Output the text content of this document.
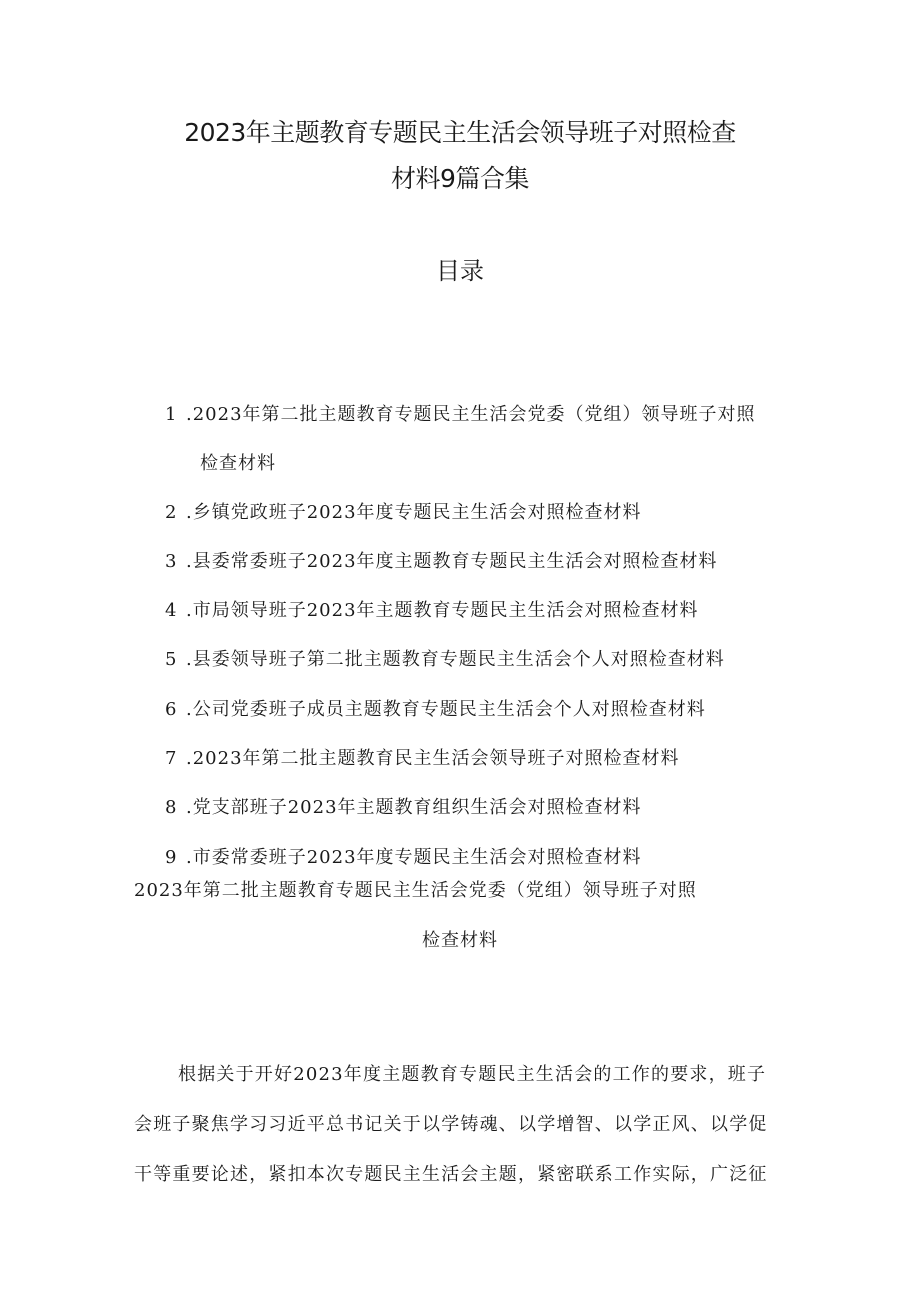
2023年主题教育专题民主生活会领导班子对照检查
材料9篇合集
目录
1 .2023年第二批主题教育专题民主生活会党委（党组）领导班子对照
检查材料
2 .乡镇党政班子2023年度专题民主生活会对照检查材料
3 .县委常委班子2023年度主题教育专题民主生活会对照检查材料
4 .市局领导班子2023年主题教育专题民主生活会对照检查材料
5 .县委领导班子第二批主题教育专题民主生活会个人对照检查材料
6 .公司党委班子成员主题教育专题民主生活会个人对照检查材料
7 .2023年第二批主题教育民主生活会领导班子对照检查材料
8 .党支部班子2023年主题教育组织生活会对照检查材料
9 .市委常委班子2023年度专题民主生活会对照检查材料
2023年第二批主题教育专题民主生活会党委（党组）领导班子对照
检查材料
根据关于开好2023年度主题教育专题民主生活会的工作的要求，班子
会班子聚焦学习习近平总书记关于以学铸魂、以学增智、以学正风、以学促
干等重要论述，紧扣本次专题民主生活会主题，紧密联系工作实际，广泛征
